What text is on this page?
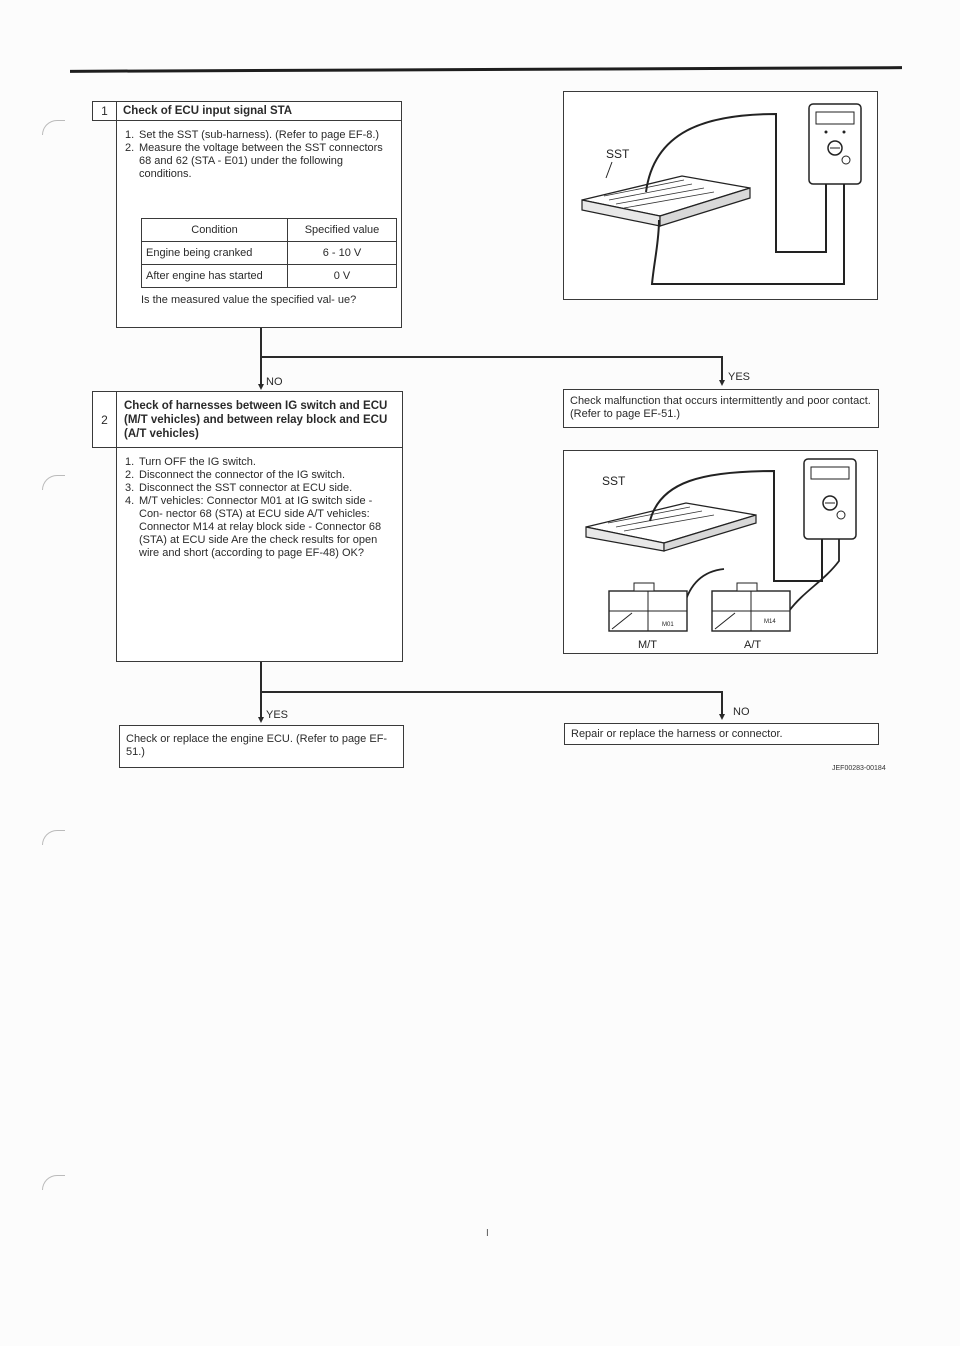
1	Check of ECU input signal STA
1. Set the SST (sub-harness). (Refer to page EF-8.)
2. Measure the voltage between the SST connectors 68 and 62 (STA - E01) under the following conditions.
Condition	Specified value
Engine being cranked	6 - 10 V
After engine has started	0 V
Is the measured value the specified val- ue?
SST
NO	YES
Check malfunction that occurs intermittently and poor contact. (Refer to page EF-51.)
2
Check of harnesses between IG switch and ECU (M/T vehicles) and between relay block and ECU (A/T vehicles)
1. Turn OFF the IG switch.
2. Disconnect the connector of the IG switch.
3. Disconnect the SST connector at ECU side.
4. M/T vehicles: Connector M01 at IG switch side - Con- nector 68 (STA) at ECU side A/T vehicles: Connector M14 at relay block side - Connector 68 (STA) at ECU side Are the check results for open wire and short (according to page EF-48) OK?
SST
M01	M14
M/T	A/T
YES	NO
Check or replace the engine ECU. (Refer to page EF-51.)
Repair or replace the harness or connector.
JEF00283-00184
I
